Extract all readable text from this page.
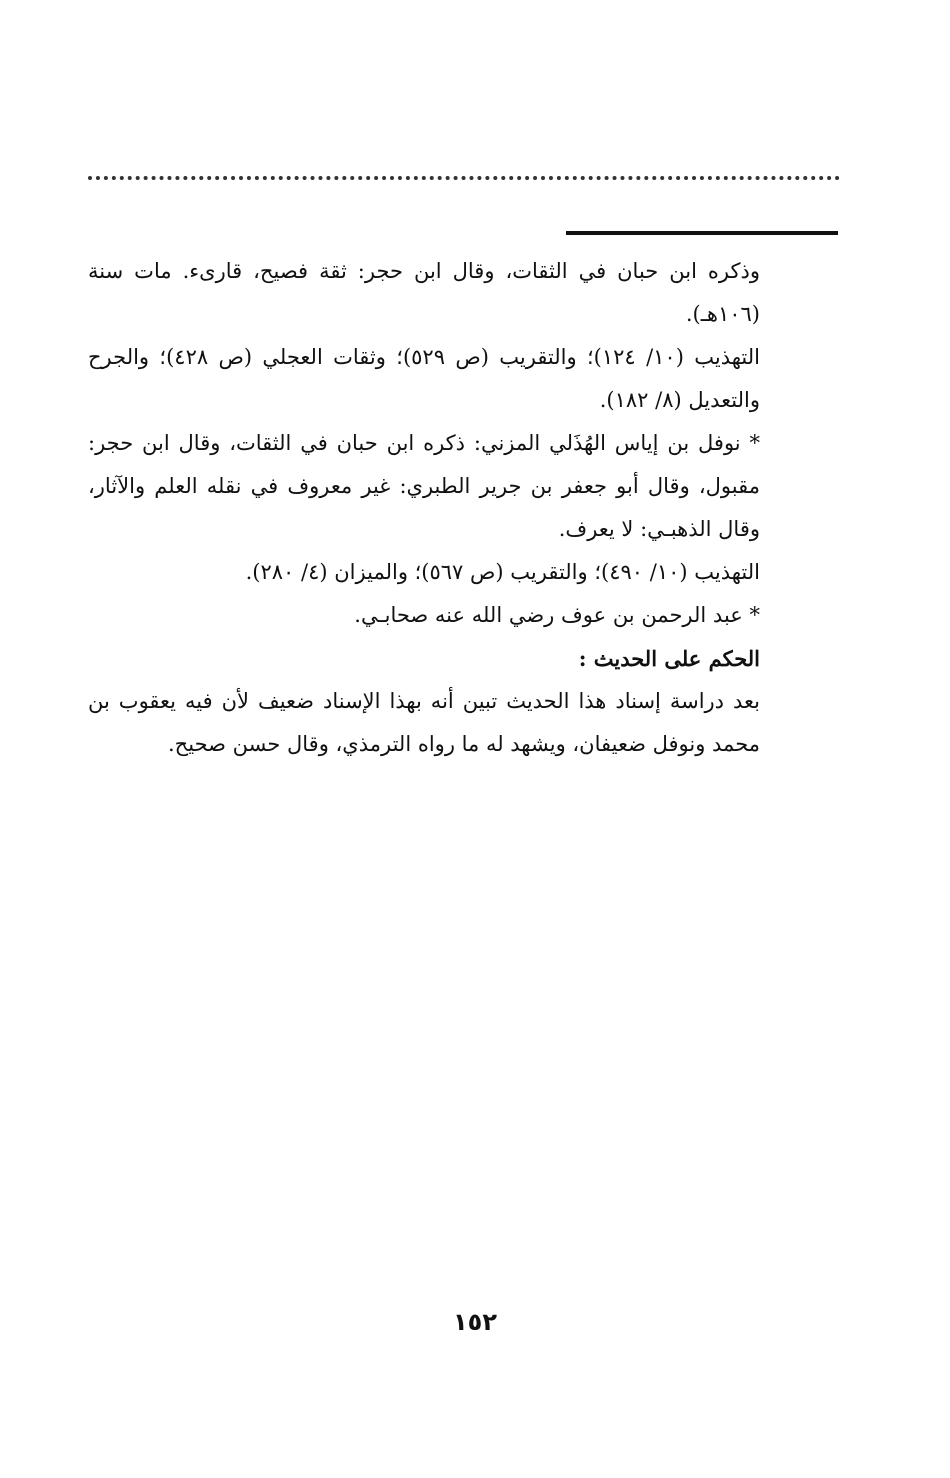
وذكره ابن حبان في الثقات، وقال ابن حجر: ثقة فصيح، قارىء. مات سنة (١٠٦هـ).

التهذيب (١٠/ ١٢٤)؛ والتقريب (ص ٥٢٩)؛ وثقات العجلي (ص ٤٢٨)؛ والجرح والتعديل (٨/ ١٨٢).

* نوفل بن إياس الهُذَلي المزني: ذكره ابن حبان في الثقات، وقال ابن حجر: مقبول، وقال أبو جعفر بن جرير الطبري: غير معروف في نقله العلم والآثار، وقال الذهبـي: لا يعرف.

التهذيب (١٠/ ٤٩٠)؛ والتقريب (ص ٥٦٧)؛ والميزان (٤/ ٢٨٠).

* عبد الرحمن بن عوف رضي الله عنه صحابـي.

الحكم على الحديث :

بعد دراسة إسناد هذا الحديث تبين أنه بهذا الإسناد ضعيف لأن فيه يعقوب بن محمد ونوفل ضعيفان، ويشهد له ما رواه الترمذي، وقال حسن صحيح.

١٥٢
